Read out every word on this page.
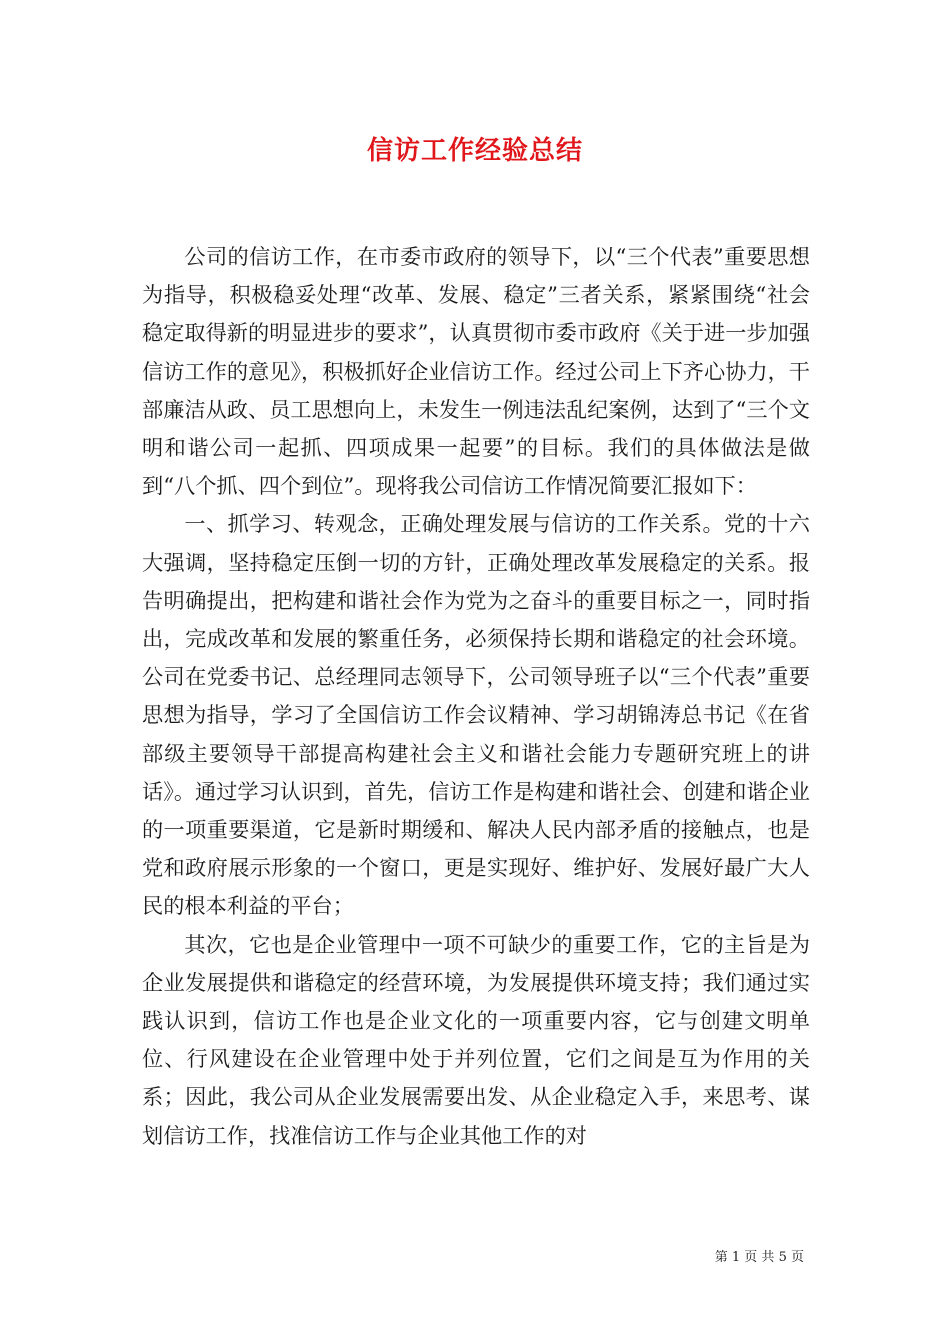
信访工作经验总结

公司的信访工作，在市委市政府的领导下，以“三个代表”重要思想为指导，积极稳妥处理“改革、发展、稳定”三者关系，紧紧围绕“社会稳定取得新的明显进步的要求”，认真贯彻市委市政府《关于进一步加强信访工作的意见》，积极抓好企业信访工作。经过公司上下齐心协力，干部廉洁从政、员工思想向上，未发生一例违法乱纪案例，达到了“三个文明和谐公司一起抓、四项成果一起要”的目标。我们的具体做法是做到“八个抓、四个到位”。现将我公司信访工作情况简要汇报如下：

一、抓学习、转观念，正确处理发展与信访的工作关系。党的十六大强调，坚持稳定压倒一切的方针，正确处理改革发展稳定的关系。报告明确提出，把构建和谐社会作为党为之奋斗的重要目标之一，同时指出，完成改革和发展的繁重任务，必须保持长期和谐稳定的社会环境。公司在党委书记、总经理同志领导下，公司领导班子以“三个代表”重要思想为指导，学习了全国信访工作会议精神、学习胡锦涛总书记《在省部级主要领导干部提高构建社会主义和谐社会能力专题研究班上的讲话》。通过学习认识到，首先，信访工作是构建和谐社会、创建和谐企业的一项重要渠道，它是新时期缓和、解决人民内部矛盾的接触点，也是党和政府展示形象的一个窗口，更是实现好、维护好、发展好最广大人民的根本利益的平台；

其次，它也是企业管理中一项不可缺少的重要工作，它的主旨是为企业发展提供和谐稳定的经营环境，为发展提供环境支持；我们通过实践认识到，信访工作也是企业文化的一项重要内容，它与创建文明单位、行风建设在企业管理中处于并列位置，它们之间是互为作用的关系；因此，我公司从企业发展需要出发、从企业稳定入手，来思考、谋划信访工作，找准信访工作与企业其他工作的对

第 1 页 共 5 页
